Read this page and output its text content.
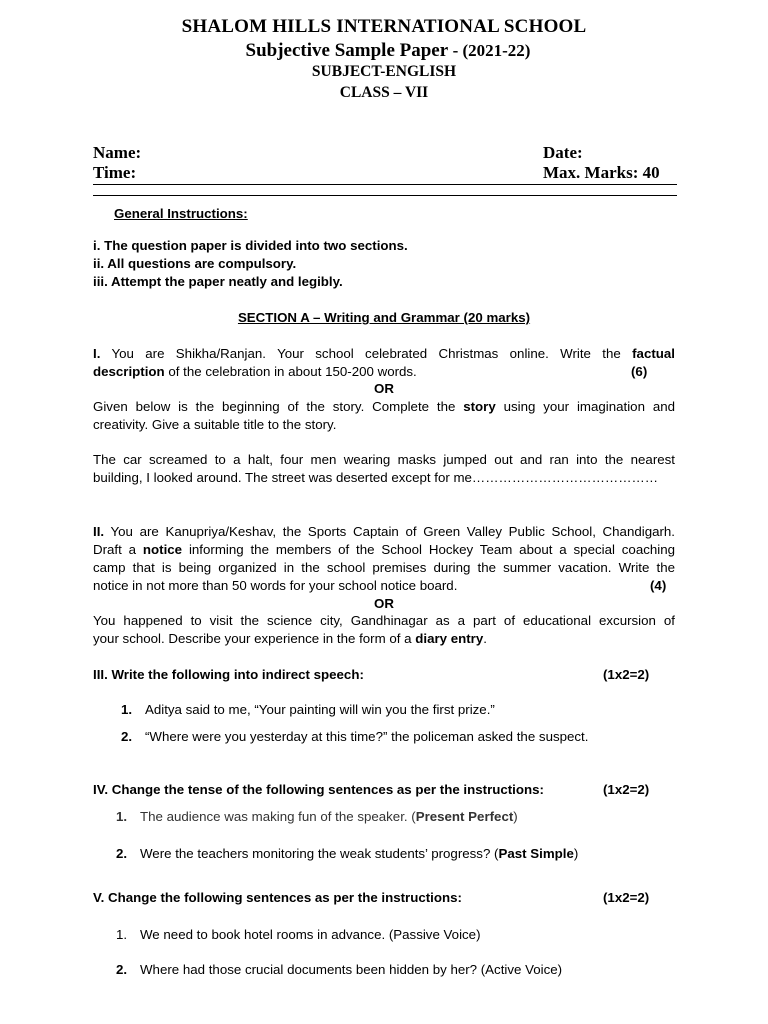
SHALOM HILLS INTERNATIONAL SCHOOL
Subjective Sample Paper - (2021-22)
SUBJECT-ENGLISH
CLASS – VII
Name:	Date:
Time:	Max. Marks: 40
General Instructions:
i. The question paper is divided into two sections.
ii. All questions are compulsory.
iii. Attempt the paper neatly and legibly.
SECTION A – Writing and Grammar (20 marks)
I. You are Shikha/Ranjan. Your school celebrated Christmas online. Write the factual
description of the celebration in about 150-200 words.	(6)
OR
Given below is the beginning of the story. Complete the story using your imagination and
creativity. Give a suitable title to the story.
The car screamed to a halt, four men wearing masks jumped out and ran into the nearest
building, I looked around. The street was deserted except for me……………………………………
II. You are Kanupriya/Keshav, the Sports Captain of Green Valley Public School, Chandigarh.
Draft a notice informing the members of the School Hockey Team about a special coaching
camp that is being organized in the school premises during the summer vacation. Write the
notice in not more than 50 words for your school notice board.	(4)
OR
You happened to visit the science city, Gandhinagar as a part of educational excursion of
your school. Describe your experience in the form of a diary entry.
III. Write the following into indirect speech:	(1x2=2)
1. Aditya said to me, “Your painting will win you the first prize.”
2. “Where were you yesterday at this time?” the policeman asked the suspect.
IV. Change the tense of the following sentences as per the instructions:	(1x2=2)
1. The audience was making fun of the speaker. (Present Perfect)
2. Were the teachers monitoring the weak students’ progress? (Past Simple)
V. Change the following sentences as per the instructions:	(1x2=2)
1. We need to book hotel rooms in advance. (Passive Voice)
2. Where had those crucial documents been hidden by her? (Active Voice)
